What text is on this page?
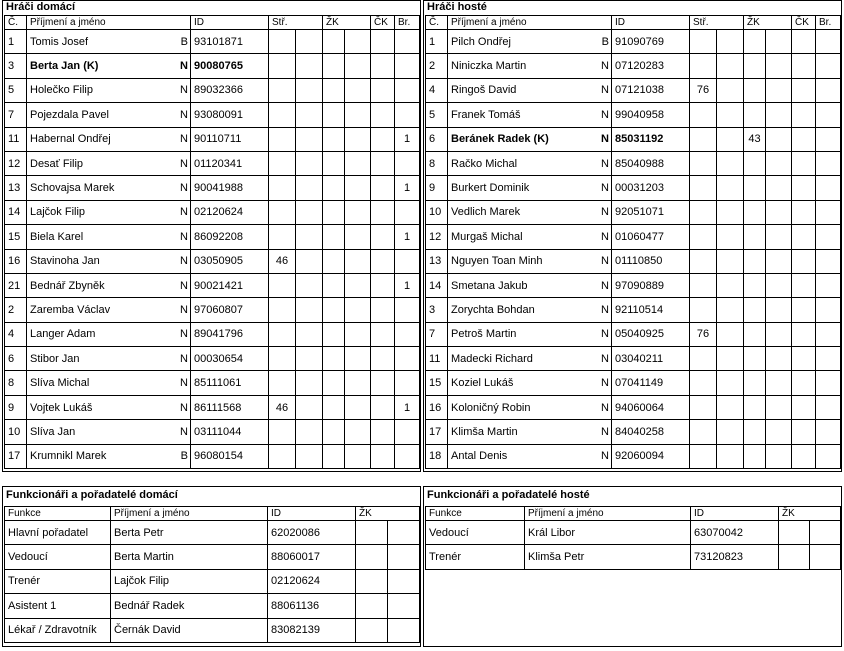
Hráči domácí
Č.	Příjmení a jméno		ID	Stř.		ŽK		ČK	Br.
1	Tomis Josef	B	93101871						
3	Berta Jan (K)	N	90080765						
5	Holečko Filip	N	89032366						
7	Pojezdala Pavel	N	93080091						
11	Habernal Ondřej	N	90110711						1
12	Desať Filip	N	01120341						
13	Schovajsa Marek	N	90041988						1
14	Lajčok Filip	N	02120624						
15	Biela Karel	N	86092208						1
16	Stavinoha Jan	N	03050905	46					
21	Bednář Zbyněk	N	90021421						1
2	Zaremba Václav	N	97060807						
4	Langer Adam	N	89041796						
6	Stibor Jan	N	00030654						
8	Slíva Michal	N	85111061						
9	Vojtek Lukáš	N	86111568	46					1
10	Slíva Jan	N	03111044						
17	Krumnikl Marek	B	96080154						
Hráči hosté
Č.	Příjmení a jméno		ID	Stř.		ŽK		ČK	Br.
1	Pilch Ondřej	B	91090769						
2	Niniczka Martin	N	07120283						
4	Ringoš David	N	07121038	76					
5	Franek Tomáš	N	99040958						
6	Beránek Radek (K)	N	85031192			43			
8	Račko Michal	N	85040988						
9	Burkert Dominik	N	00031203						
10	Vedlich Marek	N	92051071						
12	Murgaš Michal	N	01060477						
13	Nguyen Toan Minh	N	01110850						
14	Smetana Jakub	N	97090889						
3	Zorychta Bohdan	N	92110514						
7	Petroš Martin	N	05040925	76					
11	Madecki Richard	N	03040211						
15	Koziel Lukáš	N	07041149						
16	Koloničný Robin	N	94060064						
17	Klimša Martin	N	84040258						
18	Antal Denis	N	92060094						
Funkcionáři a pořadatelé domácí
Funkce	Příjmení a jméno	ID	ŽK	
Hlavní pořadatel	Berta Petr	62020086		
Vedoucí	Berta Martin	88060017		
Trenér	Lajčok Filip	02120624		
Asistent 1	Bednář Radek	88061136		
Lékař / Zdravotník	Černák David	83082139		
Funkcionáři a pořadatelé hosté
Funkce	Příjmení a jméno	ID	ŽK	
Vedoucí	Král Libor	63070042		
Trenér	Klimša Petr	73120823		
